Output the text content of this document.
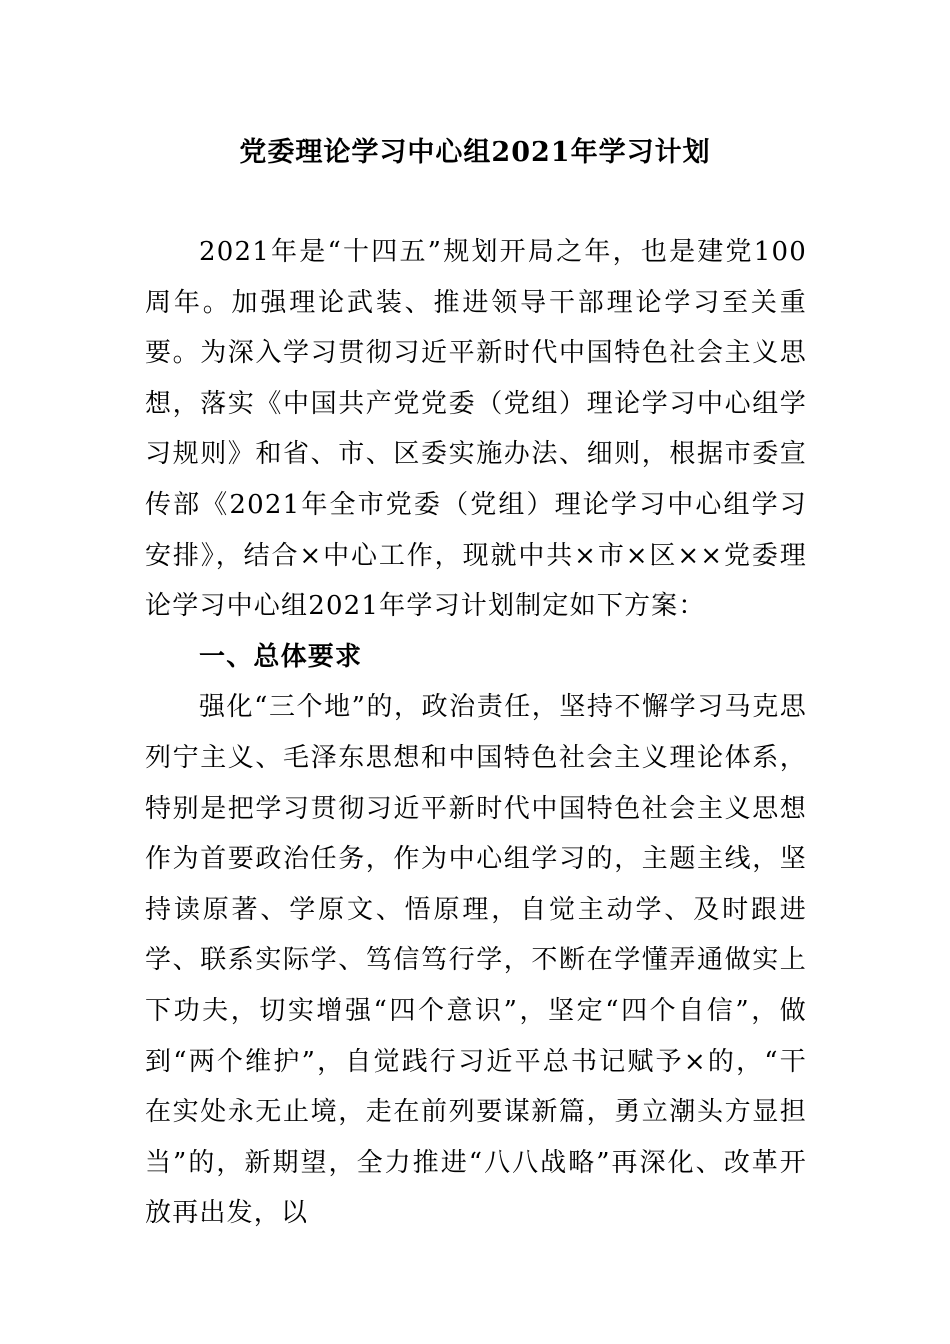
党委理论学习中心组2021年学习计划

2021年是“十四五”规划开局之年，也是建党100周年。加强理论武装、推进领导干部理论学习至关重要。为深入学习贯彻习近平新时代中国特色社会主义思想，落实《中国共产党党委（党组）理论学习中心组学习规则》和省、市、区委实施办法、细则，根据市委宣传部《2021年全市党委（党组）理论学习中心组学习安排》，结合×中心工作，现就中共×市×区××党委理论学习中心组2021年学习计划制定如下方案：

一、总体要求

强化“三个地”的，政治责任，坚持不懈学习马克思列宁主义、毛泽东思想和中国特色社会主义理论体系，特别是把学习贯彻习近平新时代中国特色社会主义思想作为首要政治任务，作为中心组学习的，主题主线，坚持读原著、学原文、悟原理，自觉主动学、及时跟进学、联系实际学、笃信笃行学，不断在学懂弄通做实上下功夫，切实增强“四个意识”，坚定“四个自信”，做到“两个维护”，自觉践行习近平总书记赋予×的，“干在实处永无止境，走在前列要谋新篇，勇立潮头方显担当”的，新期望，全力推进“八八战略”再深化、改革开放再出发，以
